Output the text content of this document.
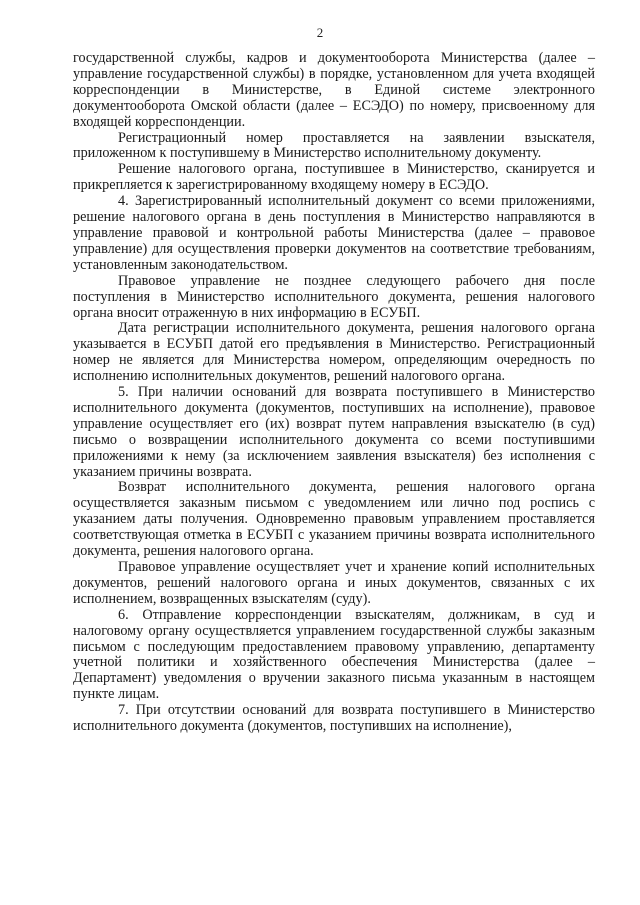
2

государственной службы, кадров и документооборота Министерства (далее – управление государственной службы) в порядке, установленном для учета входящей корреспонденции в Министерстве, в Единой системе электронного документооборота Омской области (далее – ЕСЭДО) по номеру, присвоенному для входящей корреспонденции.

Регистрационный номер проставляется на заявлении взыскателя, приложенном к поступившему в Министерство исполнительному документу.

Решение налогового органа, поступившее в Министерство, сканируется и прикрепляется к зарегистрированному входящему номеру в ЕСЭДО.

4. Зарегистрированный исполнительный документ со всеми приложениями, решение налогового органа в день поступления в Министерство направляются в управление правовой и контрольной работы Министерства (далее – правовое управление) для осуществления проверки документов на соответствие требованиям, установленным законодательством.

Правовое управление не позднее следующего рабочего дня после поступления в Министерство исполнительного документа, решения налогового органа вносит отраженную в них информацию в ЕСУБП.

Дата регистрации исполнительного документа, решения налогового органа указывается в ЕСУБП датой его предъявления в Министерство. Регистрационный номер не является для Министерства номером, определяющим очередность по исполнению исполнительных документов, решений налогового органа.

5. При наличии оснований для возврата поступившего в Министерство исполнительного документа (документов, поступивших на исполнение), правовое управление осуществляет его (их) возврат путем направления взыскателю (в суд) письмо о возвращении исполнительного документа со всеми поступившими приложениями к нему (за исключением заявления взыскателя) без исполнения с указанием причины возврата.

Возврат исполнительного документа, решения налогового органа осуществляется заказным письмом с уведомлением или лично под роспись с указанием даты получения. Одновременно правовым управлением проставляется соответствующая отметка в ЕСУБП с указанием причины возврата исполнительного документа, решения налогового органа.

Правовое управление осуществляет учет и хранение копий исполнительных документов, решений налогового органа и иных документов, связанных с их исполнением, возвращенных взыскателям (суду).

6. Отправление корреспонденции взыскателям, должникам, в суд и налоговому органу осуществляется управлением государственной службы заказным письмом с последующим предоставлением правовому управлению, департаменту учетной политики и хозяйственного обеспечения Министерства (далее – Департамент) уведомления о вручении заказного письма указанным в настоящем пункте лицам.

7. При отсутствии оснований для возврата поступившего в Министерство исполнительного документа (документов, поступивших на исполнение),
